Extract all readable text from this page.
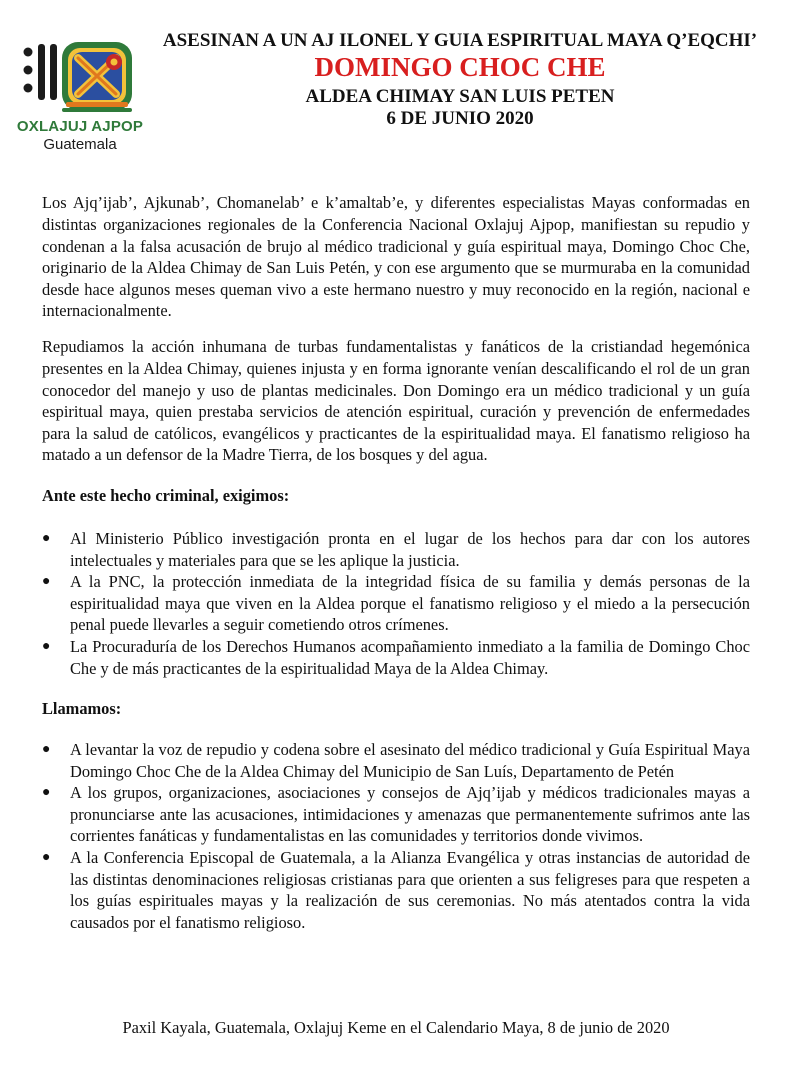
OXLAJUJ AJPOP
Guatemala
ASESINAN A UN AJ ILONEL Y GUIA ESPIRITUAL MAYA Q’EQCHI’
DOMINGO CHOC CHE
ALDEA CHIMAY SAN LUIS PETEN
6 DE JUNIO 2020

Los Ajq’ijab’, Ajkunab’, Chomanelab’ e k’amaltab’e, y diferentes especialistas Mayas conformadas en distintas organizaciones regionales de la Conferencia Nacional Oxlajuj Ajpop, manifiestan su repudio y condenan a la falsa acusación de brujo al médico tradicional y guía espiritual maya, Domingo Choc Che, originario de la Aldea Chimay de San Luis Petén, y con ese argumento que se murmuraba en la comunidad desde hace algunos meses queman vivo a este hermano nuestro y muy reconocido en la región, nacional e internacionalmente.

Repudiamos la acción inhumana de turbas fundamentalistas y fanáticos de la cristiandad hegemónica presentes en la Aldea Chimay, quienes injusta y en forma ignorante venían descalificando el rol de un gran conocedor del manejo y uso de plantas medicinales. Don Domingo era un médico tradicional y un guía espiritual maya, quien prestaba servicios de atención espiritual, curación y prevención de enfermedades para la salud de católicos, evangélicos y practicantes de la espiritualidad maya. El fanatismo religioso ha matado a un defensor de la Madre Tierra, de los bosques y del agua.

Ante este hecho criminal, exigimos:
● Al Ministerio Público investigación pronta en el lugar de los hechos para dar con los autores intelectuales y materiales para que se les aplique la justicia.
● A la PNC, la protección inmediata de la integridad física de su familia y demás personas de la espiritualidad maya que viven en la Aldea porque el fanatismo religioso y el miedo a la persecución penal puede llevarles a seguir cometiendo otros crímenes.
● La Procuraduría de los Derechos Humanos acompañamiento inmediato a la familia de Domingo Choc Che y de más practicantes de la espiritualidad Maya de la Aldea Chimay.
Llamamos:
● A levantar la voz de repudio y codena sobre el asesinato del médico tradicional y Guía Espiritual Maya Domingo Choc Che de la Aldea Chimay del Municipio de San Luís, Departamento de Petén
● A los grupos, organizaciones, asociaciones y consejos de Ajq’ijab y médicos tradicionales mayas a pronunciarse ante las acusaciones, intimidaciones y amenazas que permanentemente sufrimos ante las corrientes fanáticas y fundamentalistas en las comunidades y territorios donde vivimos.
● A la Conferencia Episcopal de Guatemala, a la Alianza Evangélica y otras instancias de autoridad de las distintas denominaciones religiosas cristianas para que orienten a sus feligreses para que respeten a los guías espirituales mayas y la realización de sus ceremonias. No más atentados contra la vida causados por el fanatismo religioso.
Paxil Kayala, Guatemala, Oxlajuj Keme en el Calendario Maya, 8 de junio de 2020
